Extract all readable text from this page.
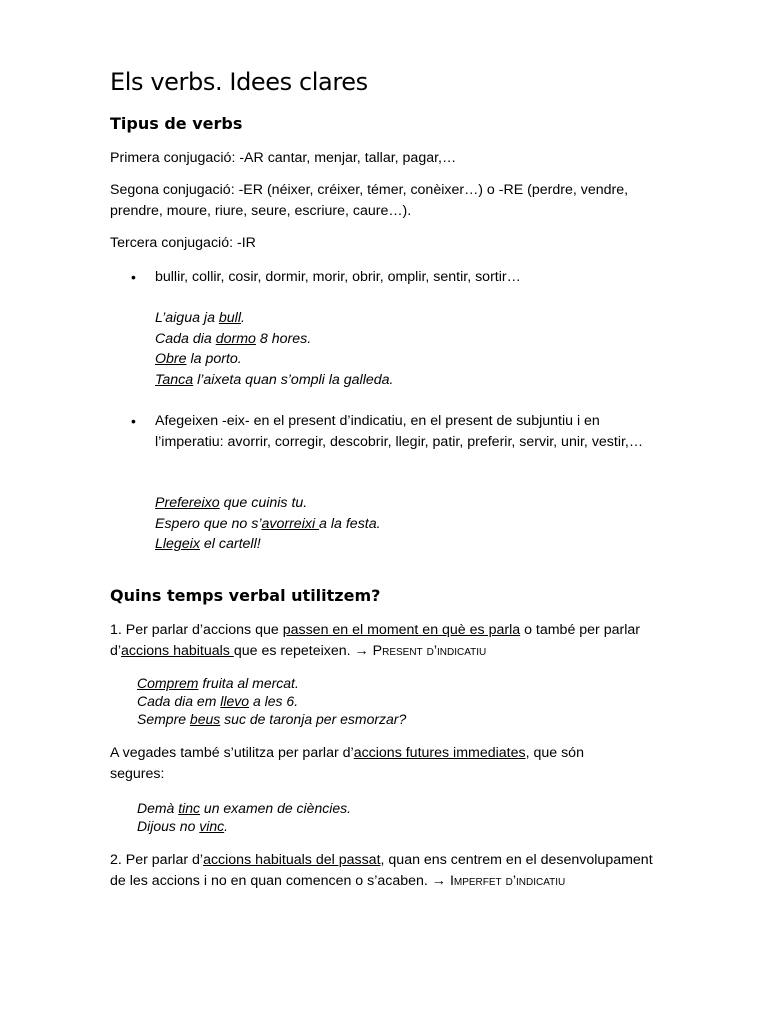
Els verbs. Idees clares
Tipus de verbs
Primera conjugació: -AR cantar, menjar, tallar, pagar,…
Segona conjugació: -ER (néixer, créixer, témer, conèixer…) o -RE (perdre, vendre, prendre, moure, riure, seure, escriure, caure…).
Tercera conjugació: -IR
• bullir, collir, cosir, dormir, morir, obrir, omplir, sentir, sortir…
L’aigua ja bull.
Cada dia dormo 8 hores.
Obre la porto.
Tanca l’aixeta quan s’ompli la galleda.
• Afegeixen -eix- en el present d’indicatiu, en el present de subjuntiu i en l’imperatiu: avorrir, corregir, descobrir, llegir, patir, preferir, servir, unir, vestir,…
Prefereixo que cuinis tu.
Espero que no s’avorreixi a la festa.
Llegeix el cartell!
Quins temps verbal utilitzem?
1. Per parlar d’accions que passen en el moment en què es parla o també per parlar d’accions habituals que es repeteixen. → Present d’indicatiu
Comprem fruita al mercat.
Cada dia em llevo a les 6.
Sempre beus suc de taronja per esmorzar?
A vegades també s’utilitza per parlar d’accions futures immediates, que són segures:
Demà tinc un examen de ciències.
Dijous no vinc.
2. Per parlar d’accions habituals del passat, quan ens centrem en el desenvolupament de les accions i no en quan comencen o s’acaben. → Imperfet d’indicatiu
